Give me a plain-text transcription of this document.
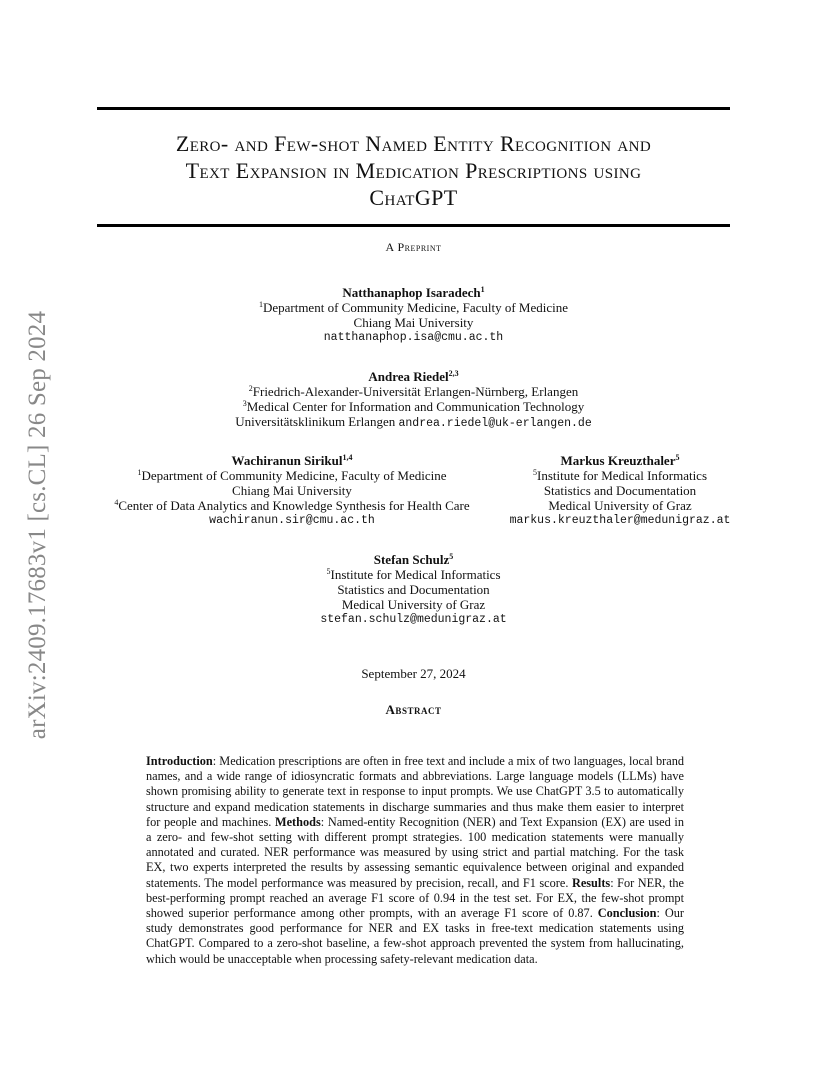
arXiv:2409.17683v1 [cs.CL] 26 Sep 2024
Zero- and Few-shot Named Entity Recognition and
Text Expansion in Medication Prescriptions using
ChatGPT
A Preprint
Natthanaphop Isaradech$^1$
$^1$Department of Community Medicine, Faculty of Medicine
Chiang Mai University
natthanaphop.isa@cmu.ac.th
Andrea Riedel$^{2,3}$
$^2$Friedrich-Alexander-Universität Erlangen-Nürnberg, Erlangen
$^3$Medical Center for Information and Communication Technology
Universitätsklinikum Erlangen andrea.riedel@uk-erlangen.de
Wachiranun Sirikul$^{1,4}$
$^1$Department of Community Medicine, Faculty of Medicine
Chiang Mai University
$^4$Center of Data Analytics and Knowledge Synthesis for Health Care
wachiranun.sir@cmu.ac.th
Markus Kreuzthaler$^5$
$^5$Institute for Medical Informatics
Statistics and Documentation
Medical University of Graz
markus.kreuzthaler@medunigraz.at
Stefan Schulz$^5$
$^5$Institute for Medical Informatics
Statistics and Documentation
Medical University of Graz
stefan.schulz@medunigraz.at
September 27, 2024
Abstract
Introduction: Medication prescriptions are often in free text and include a mix of two languages, local brand names, and a wide range of idiosyncratic formats and abbreviations. Large language models (LLMs) have shown promising ability to generate text in response to input prompts. We use ChatGPT 3.5 to automatically structure and expand medication statements in discharge summaries and thus make them easier to interpret for people and machines. Methods: Named-entity Recognition (NER) and Text Expansion (EX) are used in a zero- and few-shot setting with different prompt strategies. 100 medication statements were manually annotated and curated. NER performance was measured by using strict and partial matching. For the task EX, two experts interpreted the results by assessing semantic equivalence between original and expanded statements. The model performance was measured by precision, recall, and F1 score. Results: For NER, the best-performing prompt reached an average F1 score of 0.94 in the test set. For EX, the few-shot prompt showed superior performance among other prompts, with an average F1 score of 0.87. Conclusion: Our study demonstrates good performance for NER and EX tasks in free-text medication statements using ChatGPT. Compared to a zero-shot baseline, a few-shot approach prevented the system from hallucinating, which would be unacceptable when processing safety-relevant medication data.
